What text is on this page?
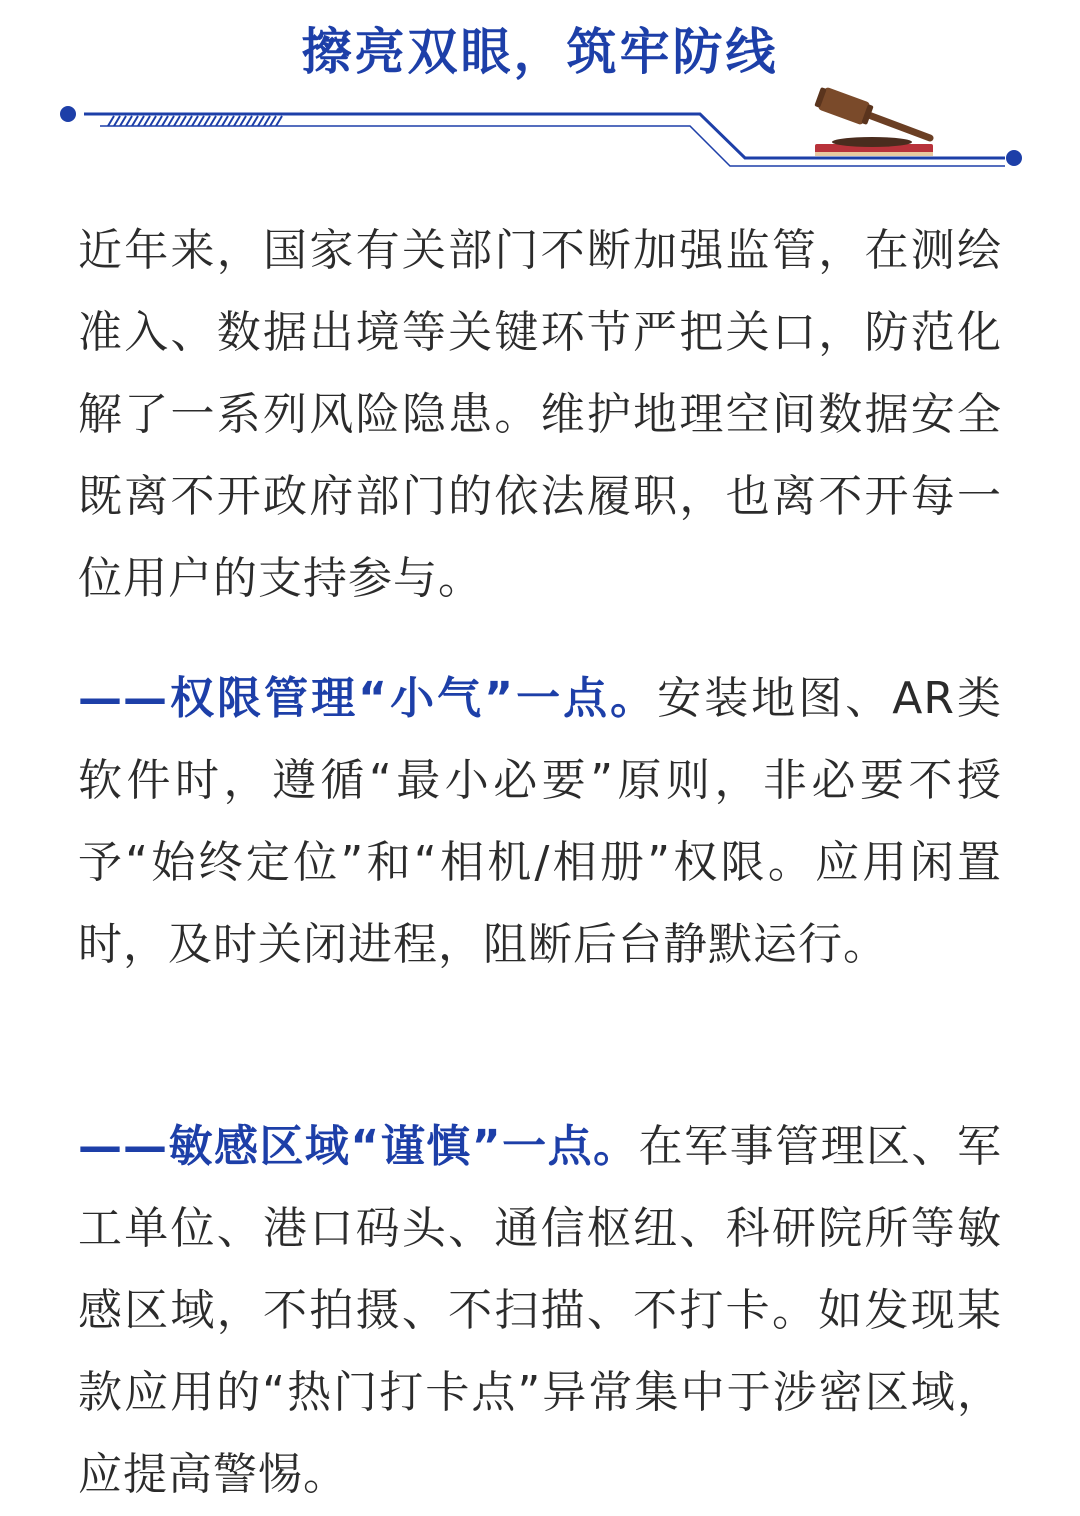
擦亮双眼，筑牢防线

近年来，国家有关部门不断加强监管，在测绘准入、数据出境等关键环节严把关口，防范化解了一系列风险隐患。维护地理空间数据安全既离不开政府部门的依法履职，也离不开每一位用户的支持参与。

——权限管理“小气”一点。安装地图、AR类软件时，遵循“最小必要”原则，非必要不授予“始终定位”和“相机/相册”权限。应用闲置时，及时关闭进程，阻断后台静默运行。

——敏感区域“谨慎”一点。在军事管理区、军工单位、港口码头、通信枢纽、科研院所等敏感区域，不拍摄、不扫描、不打卡。如发现某款应用的“热门打卡点”异常集中于涉密区域，应提高警惕。
